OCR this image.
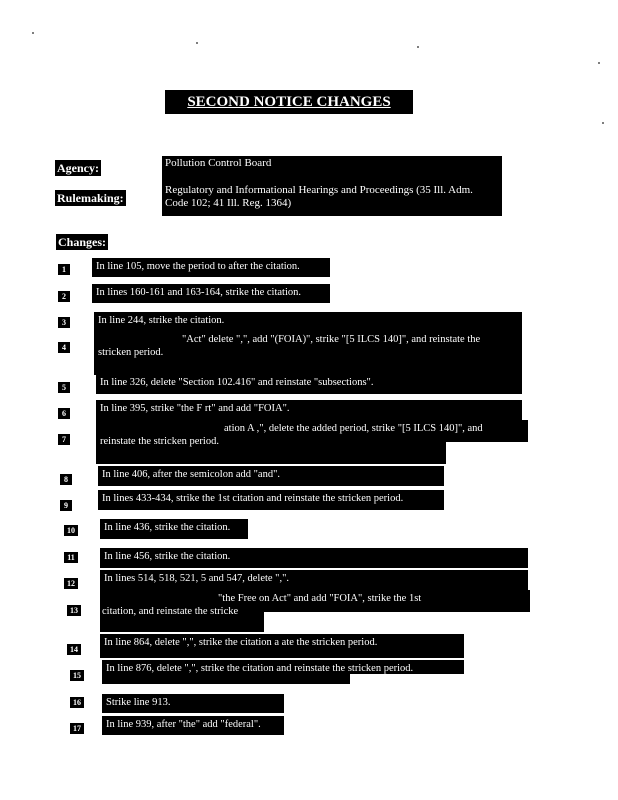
SECOND NOTICE CHANGES
Agency:
Rulemaking:
Pollution Control Board
Regulatory and Informational Hearings and Proceedings (35 Ill. Adm.
Code 102; 41 Ill. Reg. 1364)
Changes:
1
2
3
4
5
6
7
8
9
10
11
12
13
14
15
16
17
In line 105, move the period to after the citation.
In lines 160-161 and 163-164, strike the citation.
In line 244, strike the citation.
"Act" delete ",", add "(FOIA)", strike "[5 ILCS 140]", and reinstate the
stricken period.
In line 326, delete "Section 102.416" and reinstate "subsections".
In line 395, strike "the F rt" and add "FOIA".
ation A ,", delete the added period, strike "[5 ILCS 140]", and
reinstate the stricken period.
In line 406, after the semicolon add "and".
In lines 433-434, strike the 1st citation and reinstate the stricken period.
In line 436, strike the citation.
In line 456, strike the citation.
In lines 514, 518, 521, 5 and 547, delete ",".
"the Free on Act" and add "FOIA", strike the 1st
citation, and reinstate the stricke
In line 864, delete ",", strike the citation a ate the stricken period.
In line 876, delete ",", strike the citation and reinstate the stricken period.
Strike line 913.
In line 939, after "the" add "federal".
